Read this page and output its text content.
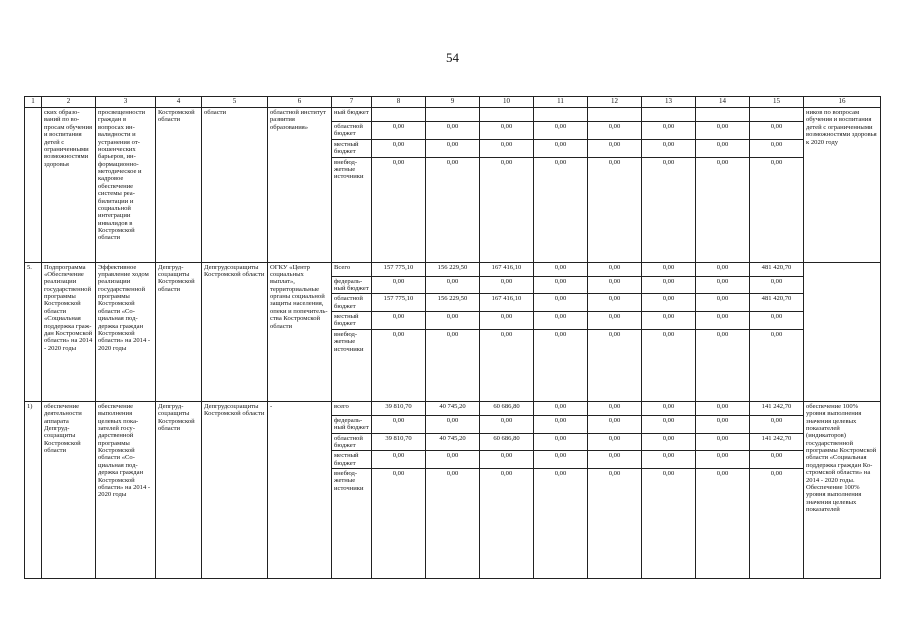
54
1	2	3	4	5	6	7	8	9	10	11	12	13	14	15	16
	ских образований по вопросам обучения и воспитания детей с ограниченными возможностями здоровья	просвещенности граждан в вопросах инвалидности и устранения отношенческих барьеров, информационно-методическое и кадровое обеспечение системы реабилитации и социальной интеграции инвалидов в Костромской области	Костромской области	области	областной институт развития образования»	ный бюджет									ников по вопросам обучения и воспитания детей с ограниченными возможностями здоровья к 2020 году
						областной бюджет	0,00	0,00	0,00	0,00	0,00	0,00	0,00	0,00	
						местный бюджет	0,00	0,00	0,00	0,00	0,00	0,00	0,00	0,00	
						внебюджетные источники	0,00	0,00	0,00	0,00	0,00	0,00	0,00	0,00	
5.	Подпрограмма «Обеспечение реализации государственной программы Костромской области «Социальная поддержка граждан Костромской области» на 2014 - 2020 годы	Эффективное управление ходом реализации государственной программы Костромской области «Социальная поддержка граждан Костромской области» на 2014 - 2020 годы	Депгрудсоцзащиты Костромской области	Депгрудсоцзащиты Костромской области	ОГКУ «Центр социальных выплат», территориальные органы социальной защиты населения, опеки и попечительства Костромской области	Всего	157 775,10	156 229,50	167 416,10	0,00	0,00	0,00	0,00	481 420,70	
						федеральный бюджет	0,00	0,00	0,00	0,00	0,00	0,00	0,00	0,00	
						областной бюджет	157 775,10	156 229,50	167 416,10	0,00	0,00	0,00	0,00	481 420,70	
						местный бюджет	0,00	0,00	0,00	0,00	0,00	0,00	0,00	0,00	
						внебюджетные источники	0,00	0,00	0,00	0,00	0,00	0,00	0,00	0,00	
1)	обеспечение деятельности аппарата Депгрудсоцзащиты Костромской области	обеспечение выполнения целевых показателей государственной программы Костромской области «Социальная поддержка граждан Костромской области» на 2014 - 2020 годы	Депгрудсоцзащиты Костромской области	Депгрудсоцзащиты Костромской области	-	всего	39 810,70	40 745,20	60 686,80	0,00	0,00	0,00	0,00	141 242,70	обеспечение 100% уровня выполнения значения целевых показателей (индикаторов) государственной программы Костромской области «Социальная поддержка граждан Костромской области» на 2014 - 2020 годы. Обеспечение 100% уровня выполнения значения целевых показателей
						федеральный бюджет	0,00	0,00	0,00	0,00	0,00	0,00	0,00	0,00	
						областной бюджет	39 810,70	40 745,20	60 686,80	0,00	0,00	0,00	0,00	141 242,70	
						местный бюджет	0,00	0,00	0,00	0,00	0,00	0,00	0,00	0,00	
						внебюджетные источники	0,00	0,00	0,00	0,00	0,00	0,00	0,00	0,00	
